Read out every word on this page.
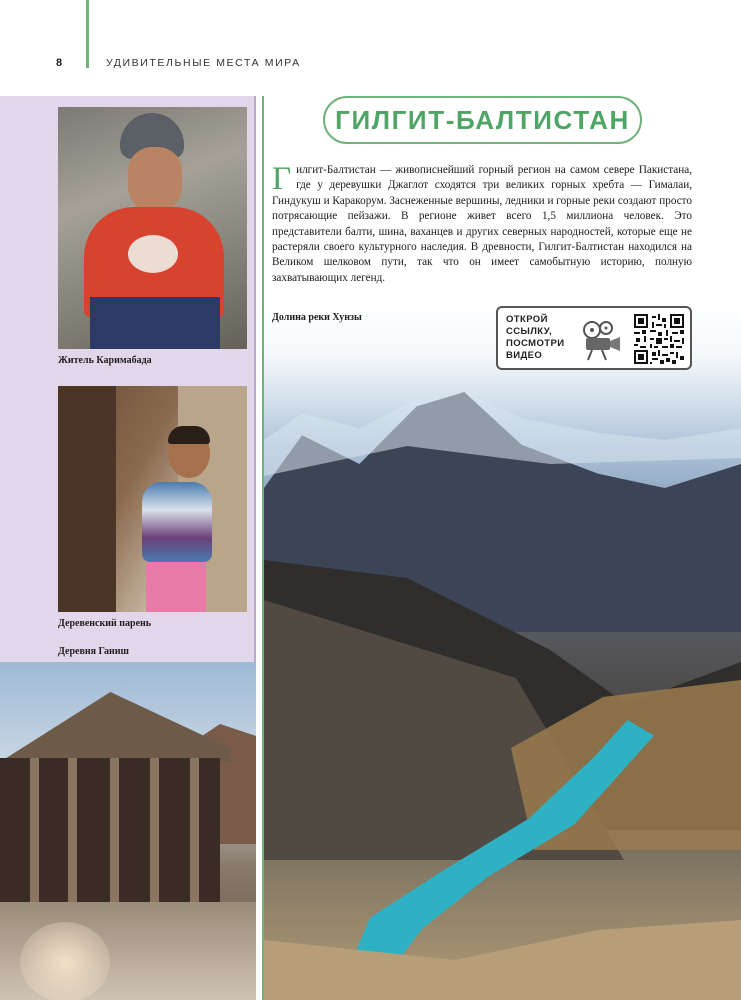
8	УДИВИТЕЛЬНЫЕ МЕСТА МИРА
Житель Каримабада
Деревенский парень
Деревня Ганиш
ГИЛГИТ-БАЛТИСТАН
Гилгит-Балтистан — живописнейший горный регион на самом севере Пакистана, где у деревушки Джаглот сходятся три великих горных хребта — Гималаи, Гиндукуш и Каракорум. Заснеженные вершины, ледники и горные реки создают просто потрясающие пейзажи. В регионе живет всего 1,5 миллиона человек. Это представители балти, шина, ваханцев и других северных народностей, которые еще не растеряли своего культурного наследия. В древности, Гилгит-Балтистан находился на Великом шелковом пути, так что он имеет самобытную историю, полную захватывающих легенд.
Долина реки Хунзы	ОТКРОЙ
ССЫЛКУ,
ПОСМОТРИ
ВИДЕО
